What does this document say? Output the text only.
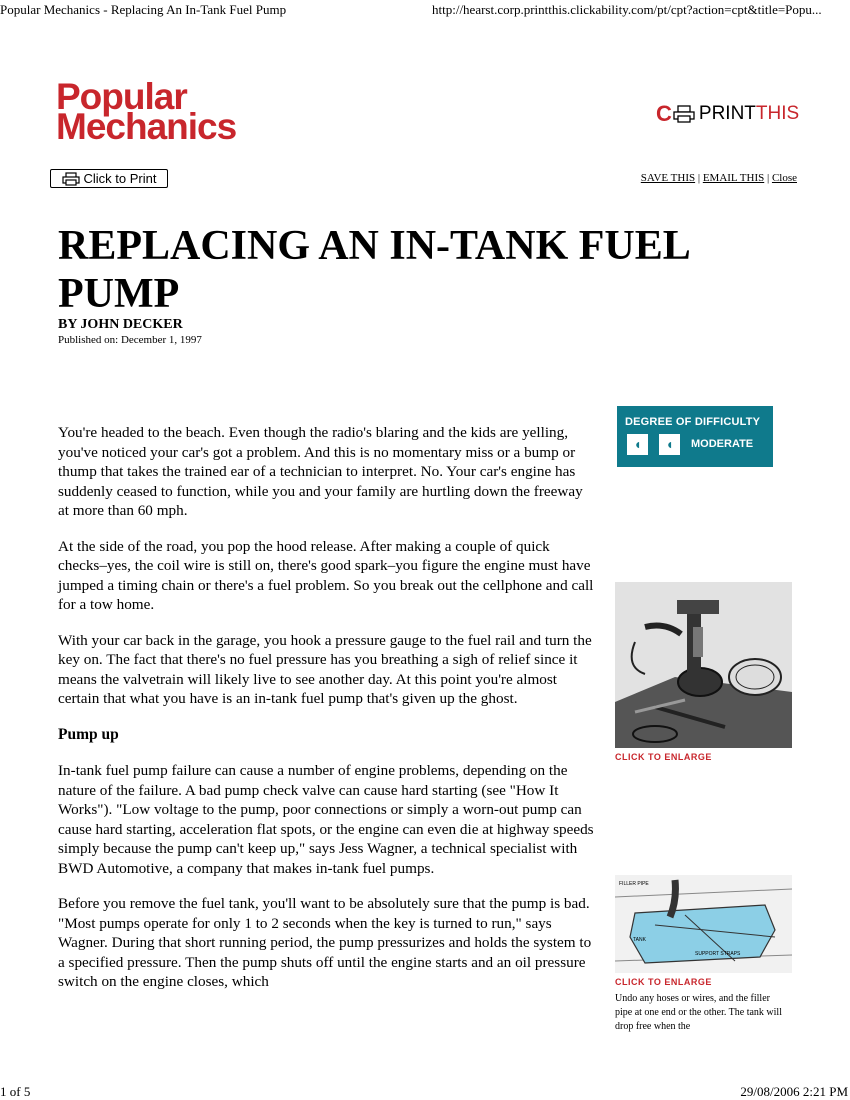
Popular Mechanics - Replacing An In-Tank Fuel Pump	http://hearst.corp.printthis.clickability.com/pt/cpt?action=cpt&title=Popu...
Popular
Mechanics	C PRINT THIS
Click to Print	SAVE THIS | EMAIL THIS | Close
REPLACING AN IN-TANK FUEL PUMP
BY JOHN DECKER
Published on: December 1, 1997

You're headed to the beach. Even though the radio's blaring and the kids are yelling, you've noticed your car's got a problem. And this is no momentary miss or a bump or thump that takes the trained ear of a technician to interpret. No. Your car's engine has suddenly ceased to function, while you and your family are hurtling down the freeway at more than 60 mph.

At the side of the road, you pop the hood release. After making a couple of quick checks–yes, the coil wire is still on, there's good spark–you figure the engine must have jumped a timing chain or there's a fuel problem. So you break out the cellphone and call for a tow home.

With your car back in the garage, you hook a pressure gauge to the fuel rail and turn the key on. The fact that there's no fuel pressure has you breathing a sigh of relief since it means the valvetrain will likely live to see another day. At this point you're almost certain that what you have is an in-tank fuel pump that's given up the ghost.

Pump up

In-tank fuel pump failure can cause a number of engine problems, depending on the nature of the failure. A bad pump check valve can cause hard starting (see "How It Works"). "Low voltage to the pump, poor connections or simply a worn-out pump can cause hard starting, acceleration flat spots, or the engine can even die at highway speeds simply because the pump can't keep up," says Jess Wagner, a technical specialist with BWD Automotive, a company that makes in-tank fuel pumps.

Before you remove the fuel tank, you'll want to be absolutely sure that the pump is bad. "Most pumps operate for only 1 to 2 seconds when the key is turned to run," says Wagner. During that short running period, the pump pressurizes and holds the system to a specified pressure. Then the pump shuts off until the engine starts and an oil pressure switch on the engine closes, which

DEGREE OF DIFFICULTY
◖	◖	MODERATE
CLICK TO ENLARGE
FILLER PIPE
TANK
SUPPORT STRAPS
CLICK TO ENLARGE
Undo any hoses or wires, and the filler pipe at one end or the other. The tank will drop free when the
1 of 5	29/08/2006 2:21 PM
